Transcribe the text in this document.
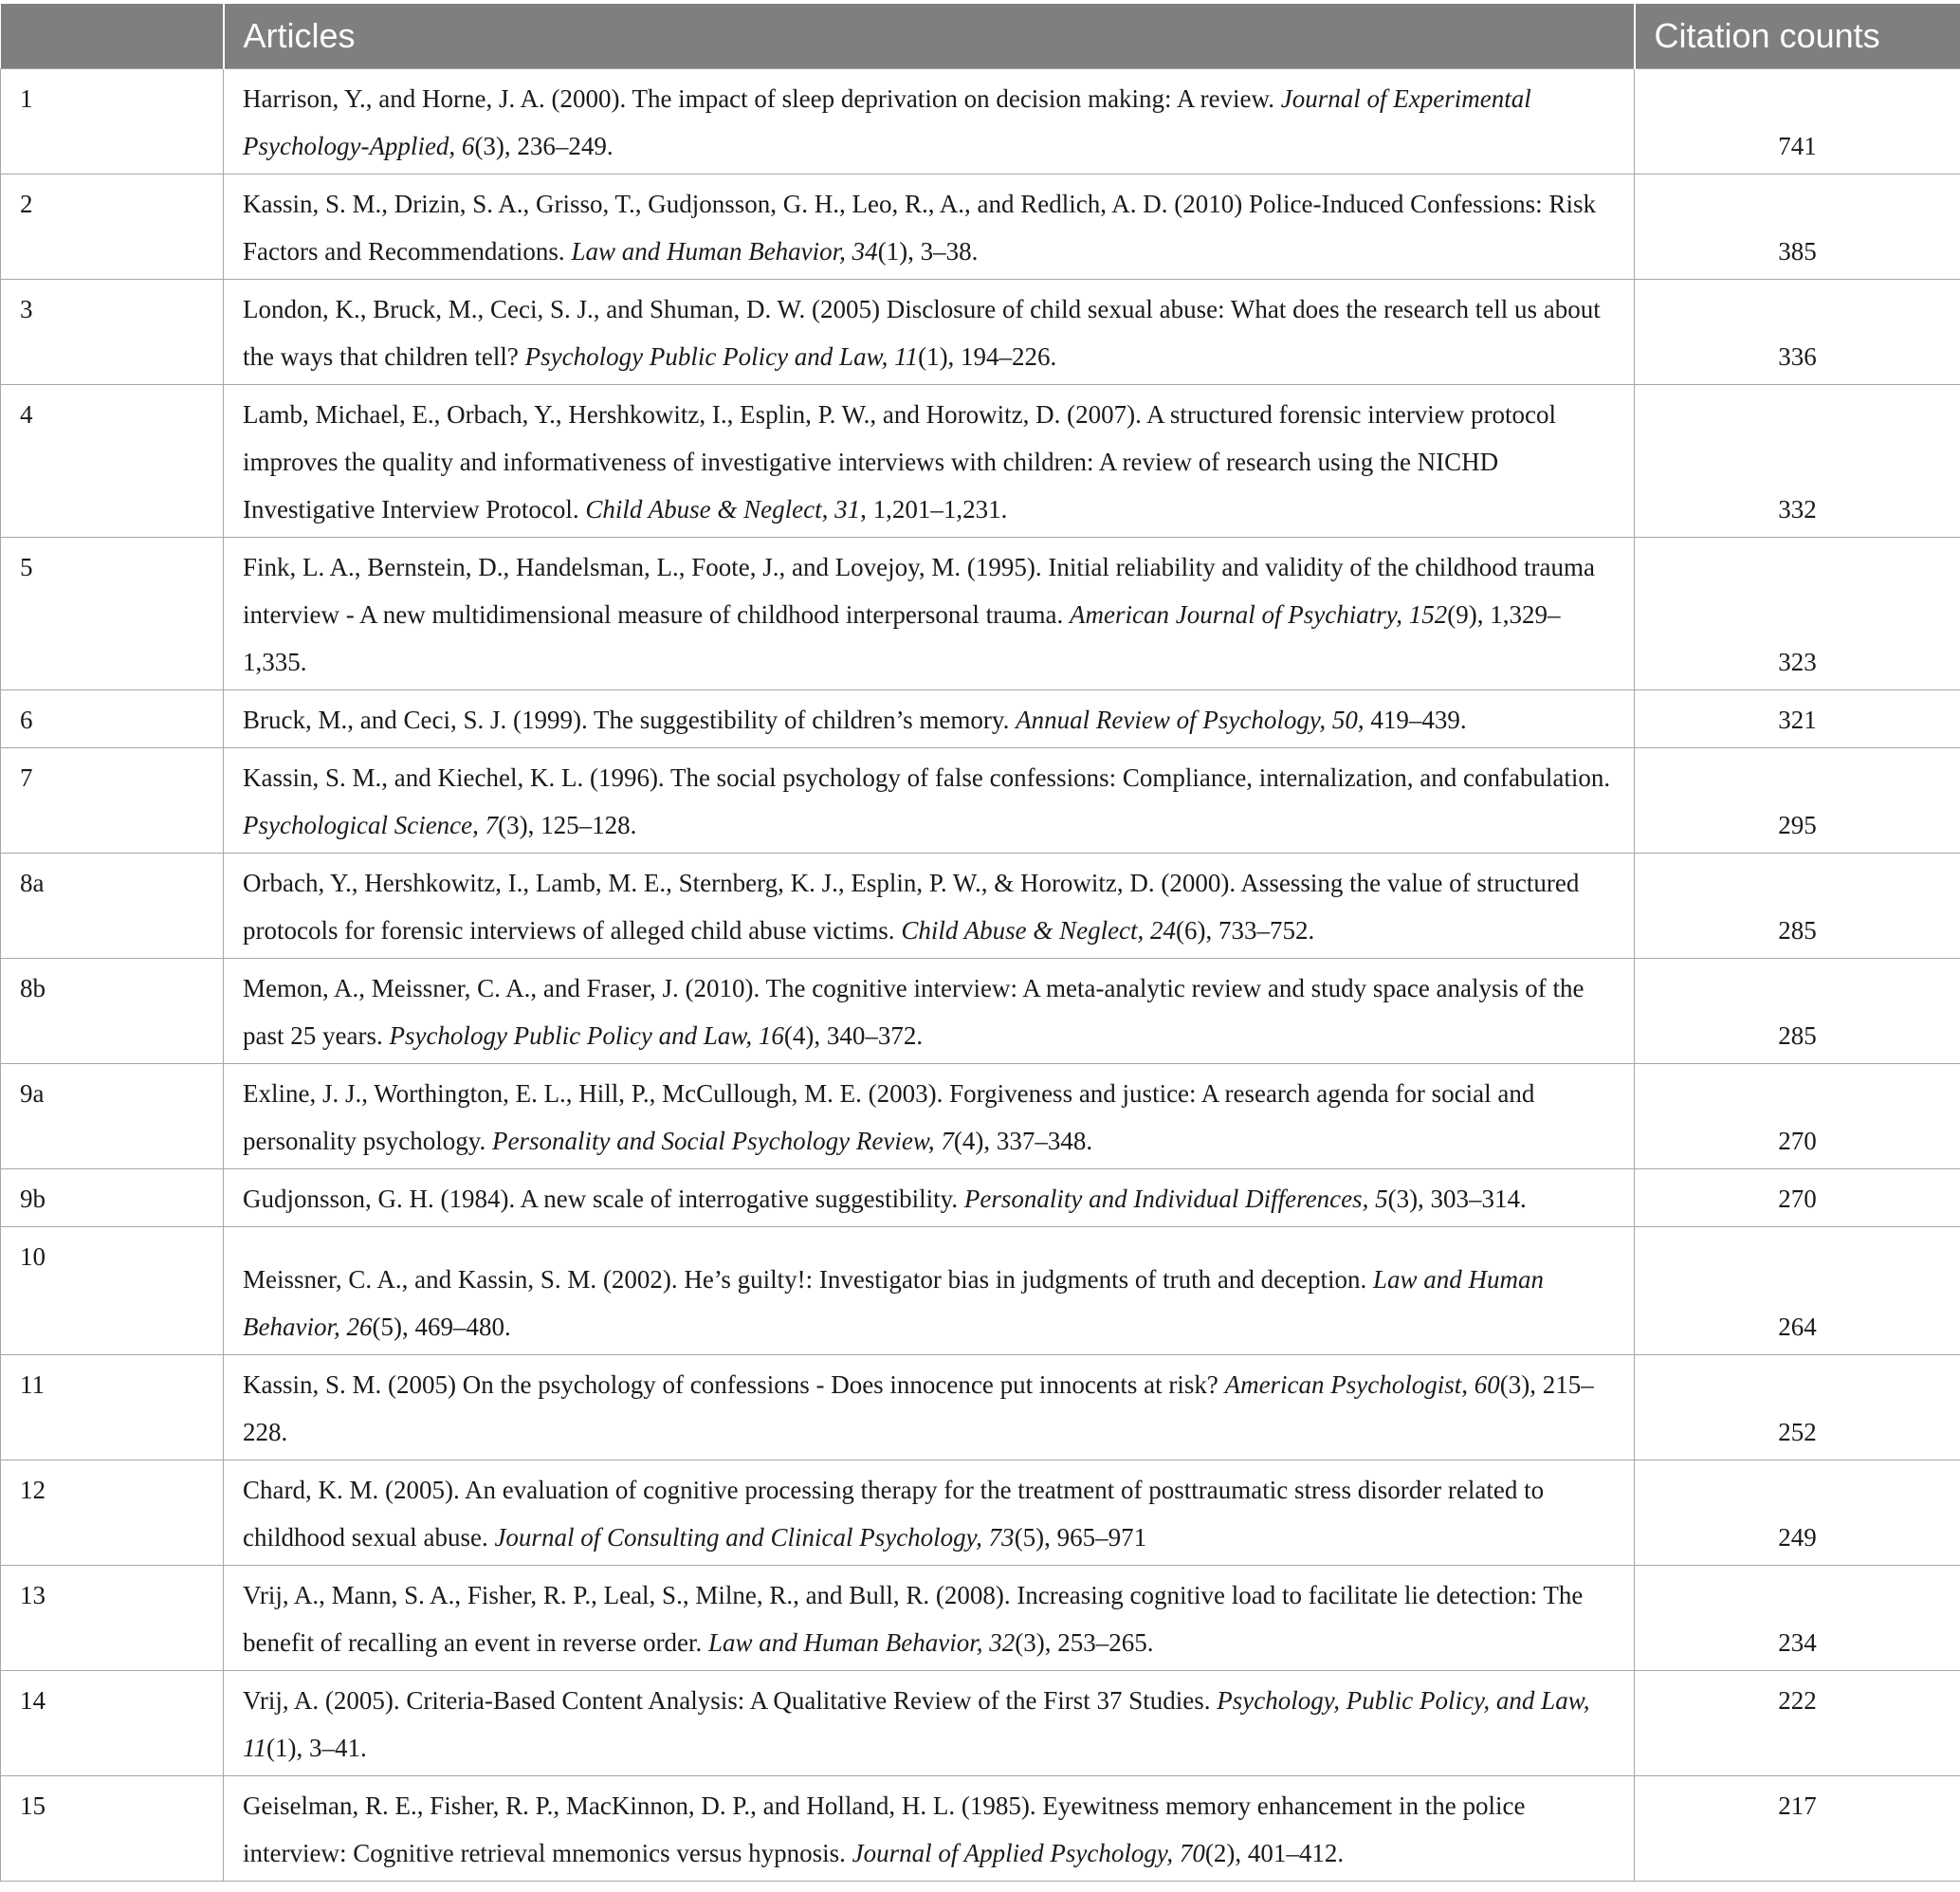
	Articles	Citation counts
1	Harrison, Y., and Horne, J. A. (2000). The impact of sleep deprivation on decision making: A review. Journal of Experimental Psychology-Applied, 6(3), 236–249.	741
2	Kassin, S. M., Drizin, S. A., Grisso, T., Gudjonsson, G. H., Leo, R., A., and Redlich, A. D. (2010) Police-Induced Confessions: Risk Factors and Recommendations. Law and Human Behavior, 34(1), 3–38.	385
3	London, K., Bruck, M., Ceci, S. J., and Shuman, D. W. (2005) Disclosure of child sexual abuse: What does the research tell us about the ways that children tell? Psychology Public Policy and Law, 11(1), 194–226.	336
4	Lamb, Michael, E., Orbach, Y., Hershkowitz, I., Esplin, P. W., and Horowitz, D. (2007). A structured forensic interview protocol improves the quality and informativeness of investigative interviews with children: A review of research using the NICHD Investigative Interview Protocol. Child Abuse & Neglect, 31, 1,201–1,231.	332
5	Fink, L. A., Bernstein, D., Handelsman, L., Foote, J., and Lovejoy, M. (1995). Initial reliability and validity of the childhood trauma interview - A new multidimensional measure of childhood interpersonal trauma. American Journal of Psychiatry, 152(9), 1,329–1,335.	323
6	Bruck, M., and Ceci, S. J. (1999). The suggestibility of children’s memory. Annual Review of Psychology, 50, 419–439.	321
7	Kassin, S. M., and Kiechel, K. L. (1996). The social psychology of false confessions: Compliance, internalization, and confabulation. Psychological Science, 7(3), 125–128.	295
8a	Orbach, Y., Hershkowitz, I., Lamb, M. E., Sternberg, K. J., Esplin, P. W., & Horowitz, D. (2000). Assessing the value of structured protocols for forensic interviews of alleged child abuse victims. Child Abuse & Neglect, 24(6), 733–752.	285
8b	Memon, A., Meissner, C. A., and Fraser, J. (2010). The cognitive interview: A meta-analytic review and study space analysis of the past 25 years. Psychology Public Policy and Law, 16(4), 340–372.	285
9a	Exline, J. J., Worthington, E. L., Hill, P., McCullough, M. E. (2003). Forgiveness and justice: A research agenda for social and personality psychology. Personality and Social Psychology Review, 7(4), 337–348.	270
9b	Gudjonsson, G. H. (1984). A new scale of interrogative suggestibility. Personality and Individual Differences, 5(3), 303–314.	270
10	Meissner, C. A., and Kassin, S. M. (2002). He’s guilty!: Investigator bias in judgments of truth and deception. Law and Human Behavior, 26(5), 469–480.	264
11	Kassin, S. M. (2005) On the psychology of confessions - Does innocence put innocents at risk? American Psychologist, 60(3), 215–228.	252
12	Chard, K. M. (2005). An evaluation of cognitive processing therapy for the treatment of posttraumatic stress disorder related to childhood sexual abuse. Journal of Consulting and Clinical Psychology, 73(5), 965–971	249
13	Vrij, A., Mann, S. A., Fisher, R. P., Leal, S., Milne, R., and Bull, R. (2008). Increasing cognitive load to facilitate lie detection: The benefit of recalling an event in reverse order. Law and Human Behavior, 32(3), 253–265.	234
14	Vrij, A. (2005). Criteria-Based Content Analysis: A Qualitative Review of the First 37 Studies. Psychology, Public Policy, and Law, 11(1), 3–41.	222
15	Geiselman, R. E., Fisher, R. P., MacKinnon, D. P., and Holland, H. L. (1985). Eyewitness memory enhancement in the police interview: Cognitive retrieval mnemonics versus hypnosis. Journal of Applied Psychology, 70(2), 401–412.	217
